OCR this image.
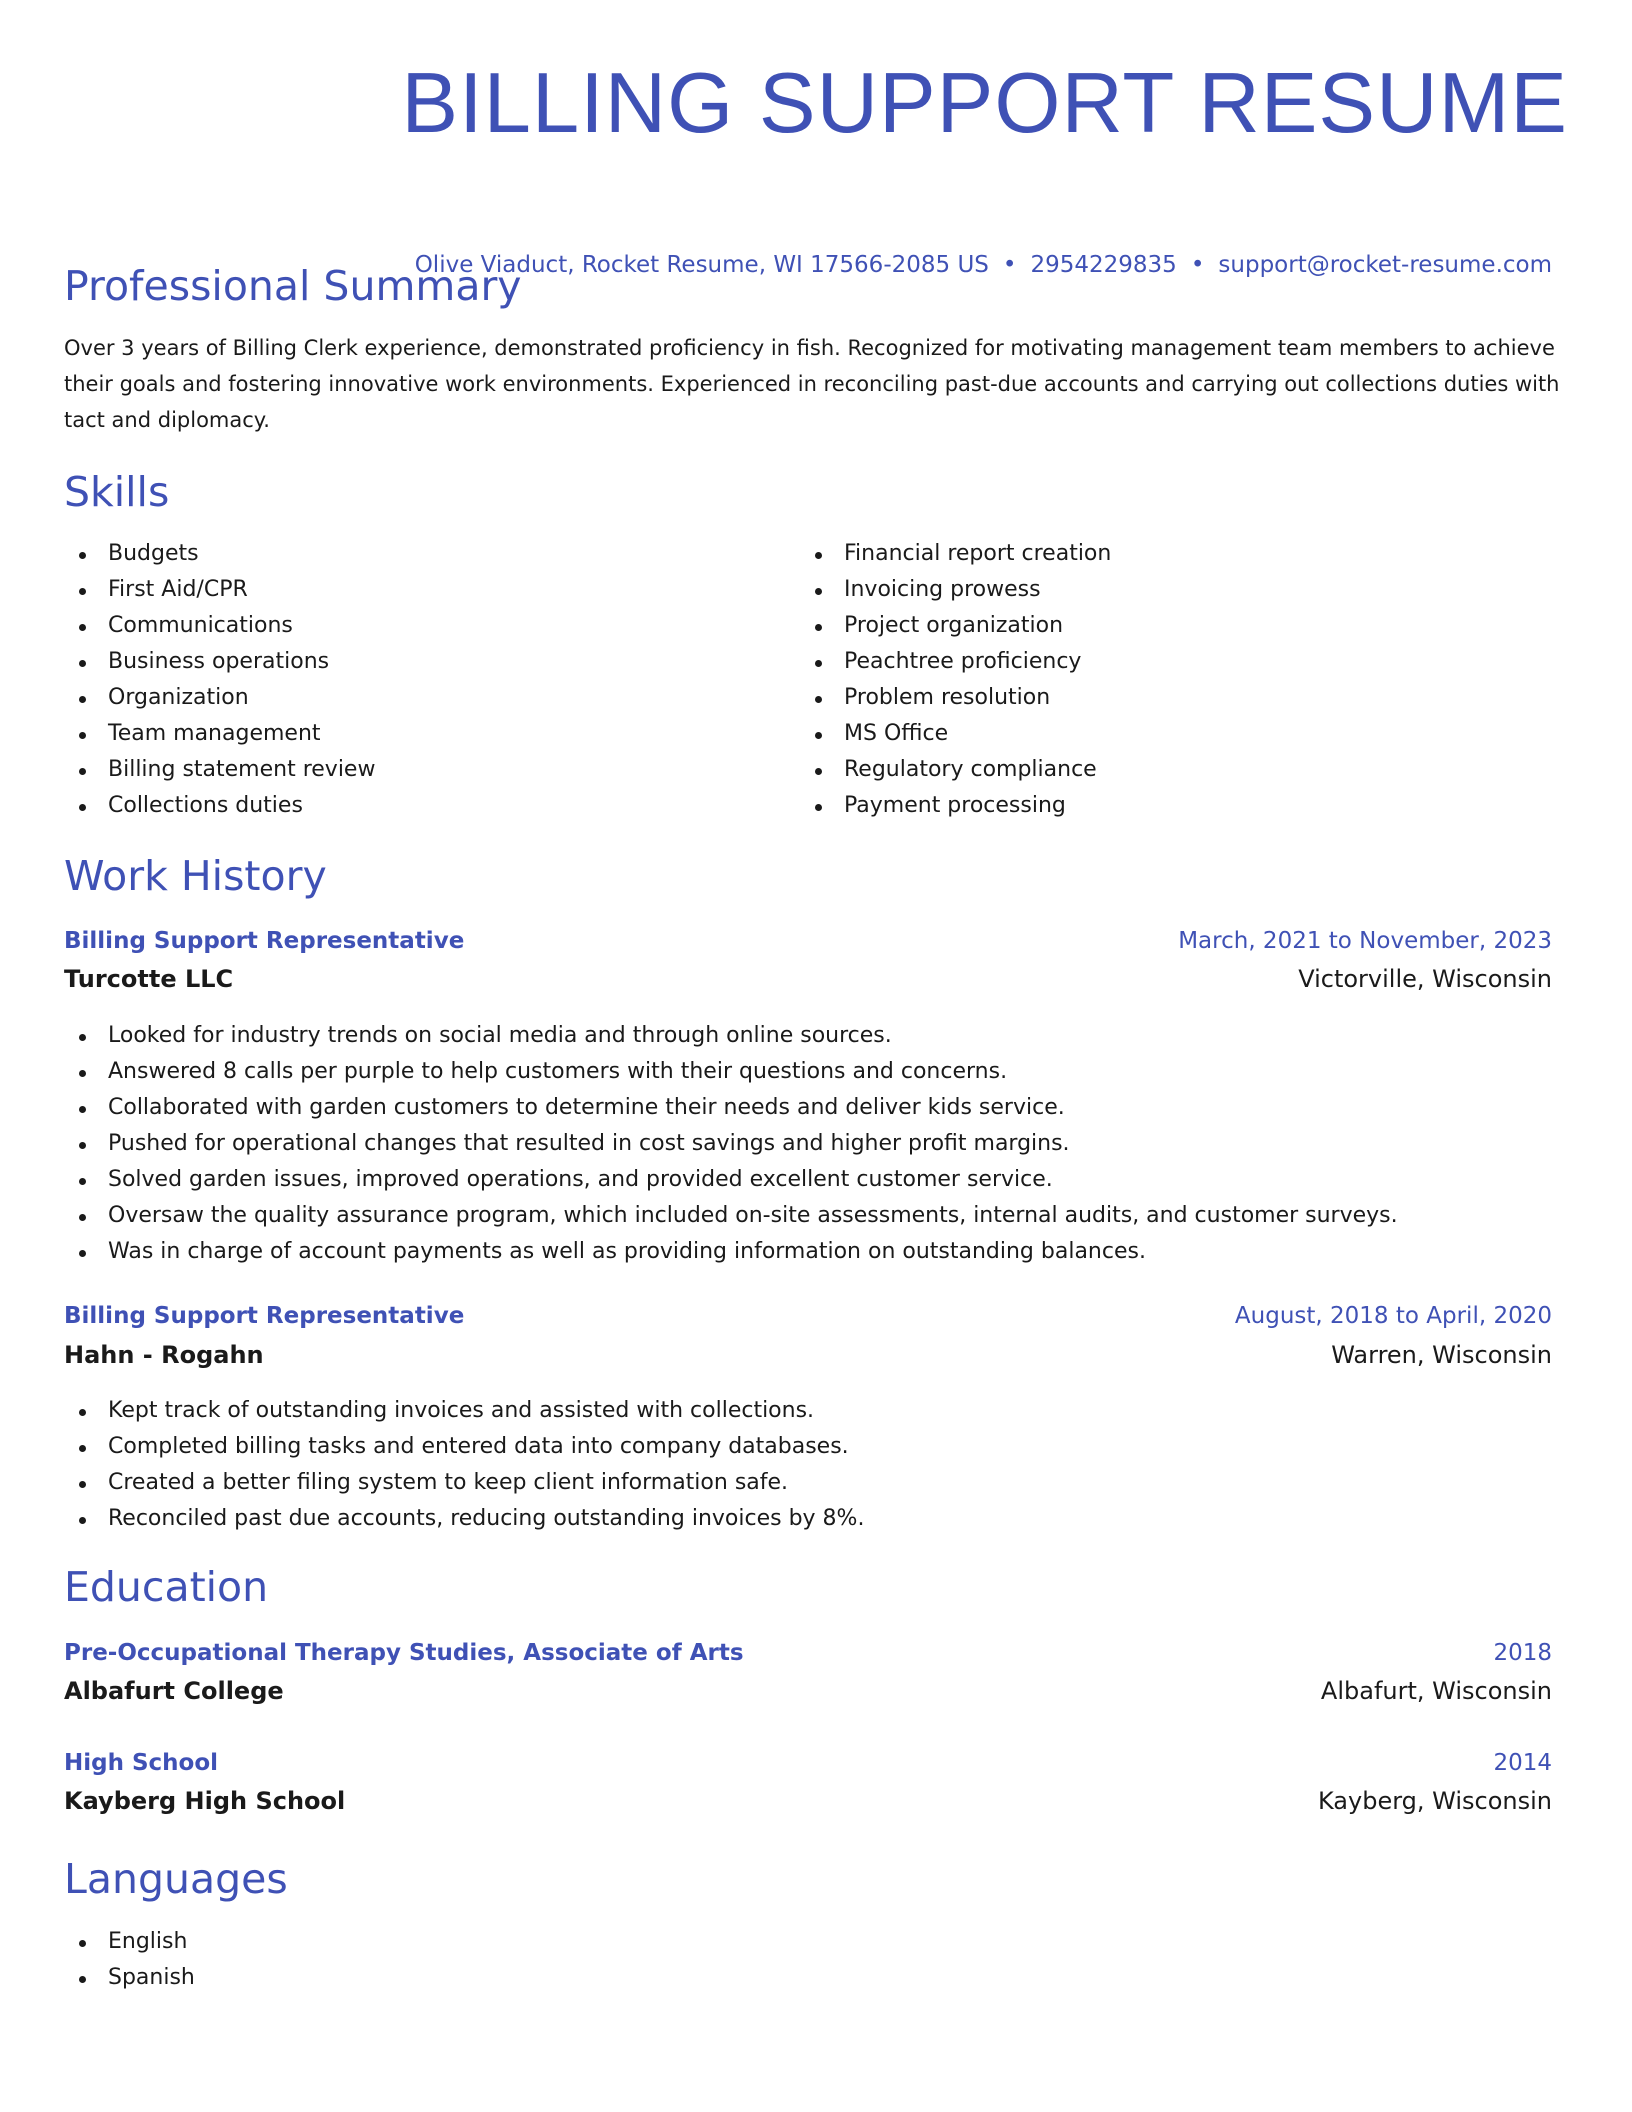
BILLING SUPPORT RESUME
Olive Viaduct, Rocket Resume, WI 17566-2085 US • 2954229835 • support@rocket-resume.com
Professional Summary
Over 3 years of Billing Clerk experience, demonstrated proficiency in fish. Recognized for motivating management team members to achieve their goals and fostering innovative work environments. Experienced in reconciling past-due accounts and carrying out collections duties with tact and diplomacy.
Skills
Budgets
First Aid/CPR
Communications
Business operations
Organization
Team management
Billing statement review
Collections duties
Financial report creation
Invoicing prowess
Project organization
Peachtree proficiency
Problem resolution
MS Office
Regulatory compliance
Payment processing
Work History
Billing Support Representative	March, 2021 to November, 2023
Turcotte LLC	Victorville, Wisconsin
Looked for industry trends on social media and through online sources.
Answered 8 calls per purple to help customers with their questions and concerns.
Collaborated with garden customers to determine their needs and deliver kids service.
Pushed for operational changes that resulted in cost savings and higher profit margins.
Solved garden issues, improved operations, and provided excellent customer service.
Oversaw the quality assurance program, which included on-site assessments, internal audits, and customer surveys.
Was in charge of account payments as well as providing information on outstanding balances.
Billing Support Representative	August, 2018 to April, 2020
Hahn - Rogahn	Warren, Wisconsin
Kept track of outstanding invoices and assisted with collections.
Completed billing tasks and entered data into company databases.
Created a better filing system to keep client information safe.
Reconciled past due accounts, reducing outstanding invoices by 8%.
Education
Pre-Occupational Therapy Studies, Associate of Arts	2018
Albafurt College	Albafurt, Wisconsin
High School	2014
Kayberg High School	Kayberg, Wisconsin
Languages
English
Spanish
